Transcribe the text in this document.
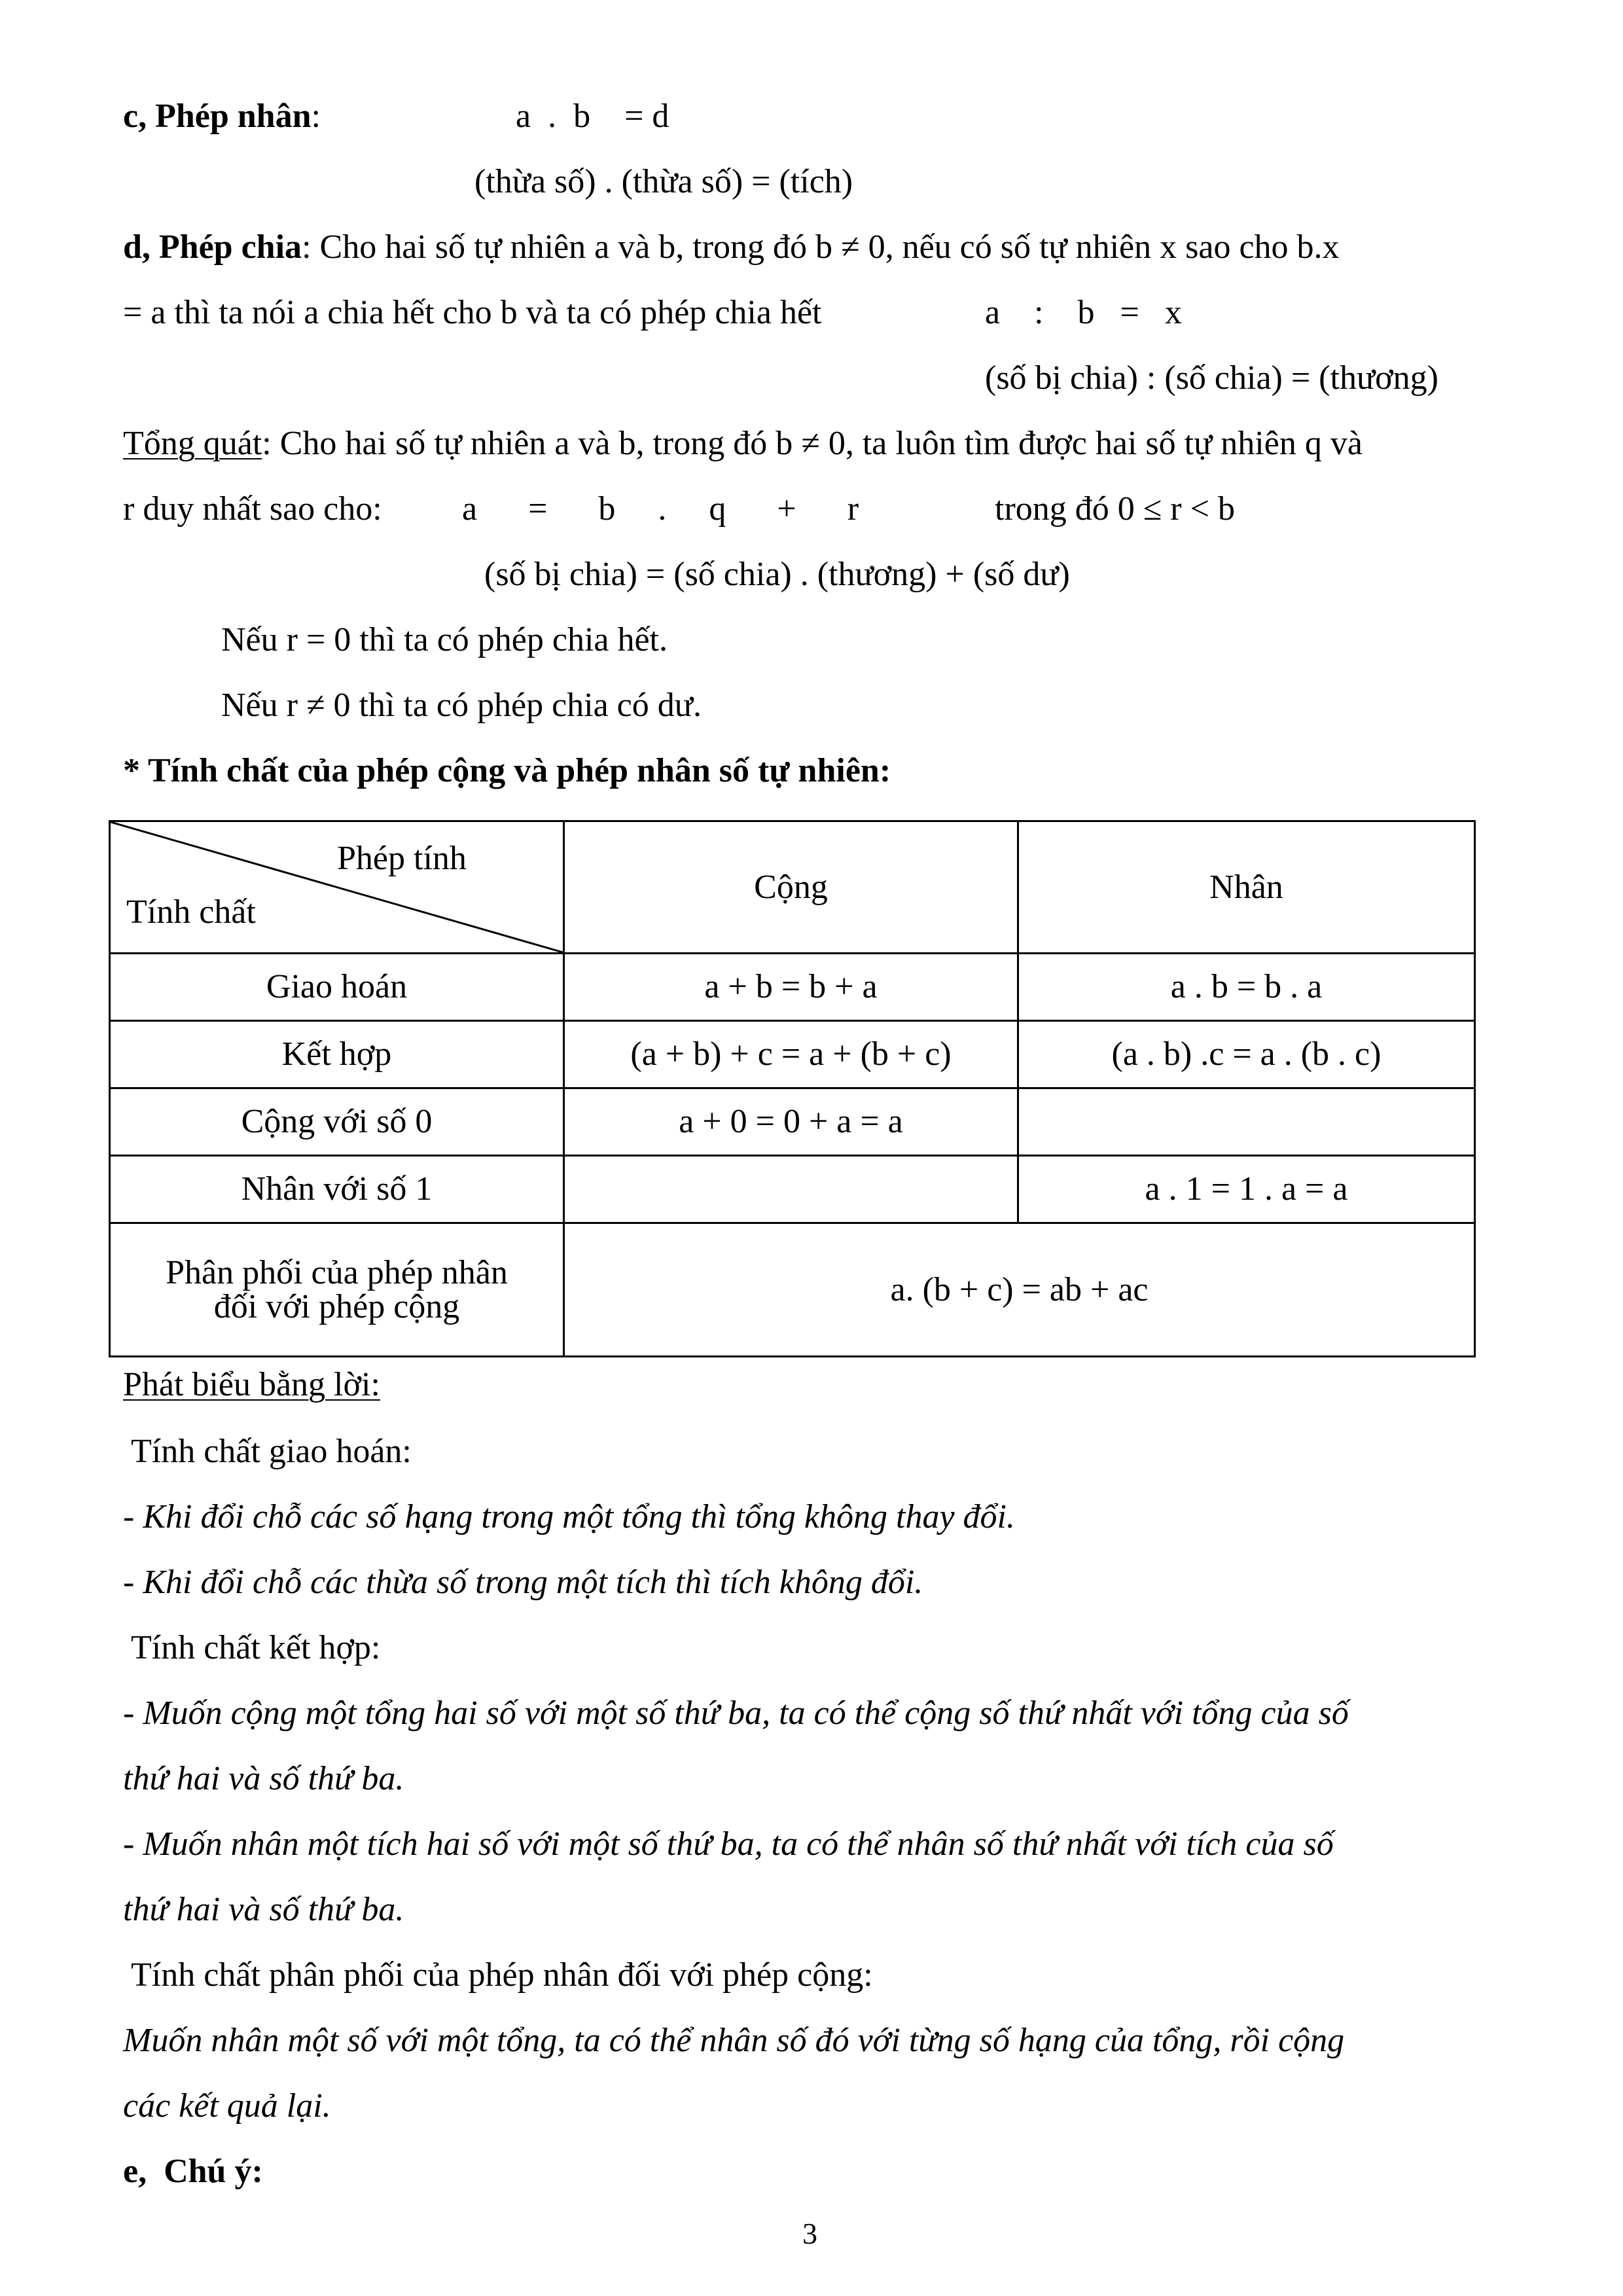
c, Phép nhân:	a  .  b    = d
(thừa số) . (thừa số) = (tích)
d, Phép chia: Cho hai số tự nhiên a và b, trong đó b ≠ 0, nếu có số tự nhiên x sao cho b.x
= a thì ta nói a chia hết cho b và ta có phép chia hết	a    :    b   =   x
(số bị chia) : (số chia) = (thương)
Tổng quát: Cho hai số tự nhiên a và b, trong đó b ≠ 0, ta luôn tìm được hai số tự nhiên q và
r duy nhất sao cho: a      =      b     .     q      +      r	trong đó 0 ≤ r < b
(số bị chia) = (số chia) . (thương) + (số dư)
Nếu r = 0 thì ta có phép chia hết.
Nếu r ≠ 0 thì ta có phép chia có dư.
* Tính chất của phép cộng và phép nhân số tự nhiên:
Phép tính
Tính chất	Cộng	Nhân
Giao hoán	a + b = b + a	a . b = b . a
Kết hợp	(a + b) + c = a + (b + c)	(a . b) .c = a . (b . c)
Cộng với số 0	a + 0 = 0 + a = a	
Nhân với số 1		a . 1 = 1 . a = a
Phân phối của phép nhân
đối với phép cộng	a. (b + c) = ab + ac	
Phát biểu bằng lời:
Tính chất giao hoán:
- Khi đổi chỗ các số hạng trong một tổng thì tổng không thay đổi.
- Khi đổi chỗ các thừa số trong một tích thì tích không đổi.
Tính chất kết hợp:
- Muốn cộng một tổng hai số với một số thứ ba, ta có thể cộng số thứ nhất với tổng của số
thứ hai và số thứ ba.
- Muốn nhân một tích hai số với một số thứ ba, ta có thể nhân số thứ nhất với tích của số
thứ hai và số thứ ba.
Tính chất phân phối của phép nhân đối với phép cộng:
Muốn nhân một số với một tổng, ta có thể nhân số đó với từng số hạng của tổng, rồi cộng
các kết quả lại.
e,  Chú ý:
3
